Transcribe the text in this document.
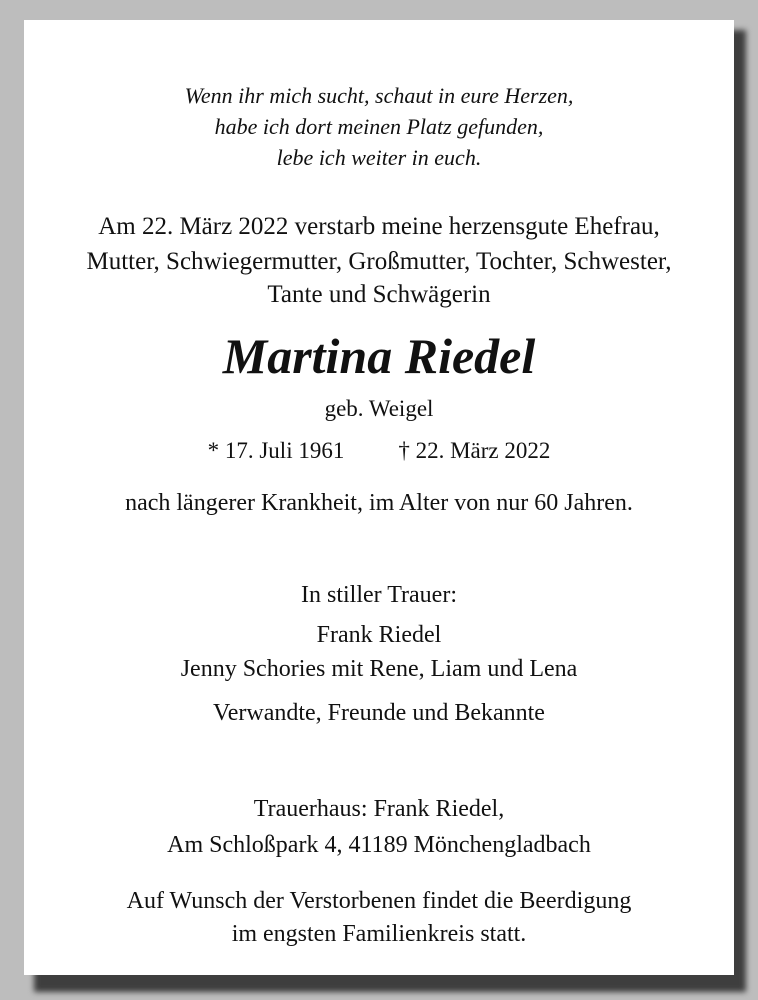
Wenn ihr mich sucht, schaut in eure Herzen,
habe ich dort meinen Platz gefunden,
lebe ich weiter in euch.
Am 22. März 2022 verstarb meine herzensgute Ehefrau,
Mutter, Schwiegermutter, Großmutter, Tochter, Schwester,
Tante und Schwägerin
Martina Riedel
geb. Weigel
* 17. Juli 1961 † 22. März 2022
nach längerer Krankheit, im Alter von nur 60 Jahren.
In stiller Trauer:
Frank Riedel
Jenny Schories mit Rene, Liam und Lena
Verwandte, Freunde und Bekannte
Trauerhaus: Frank Riedel,
Am Schloßpark 4, 41189 Mönchengladbach
Auf Wunsch der Verstorbenen findet die Beerdigung
im engsten Familienkreis statt.
